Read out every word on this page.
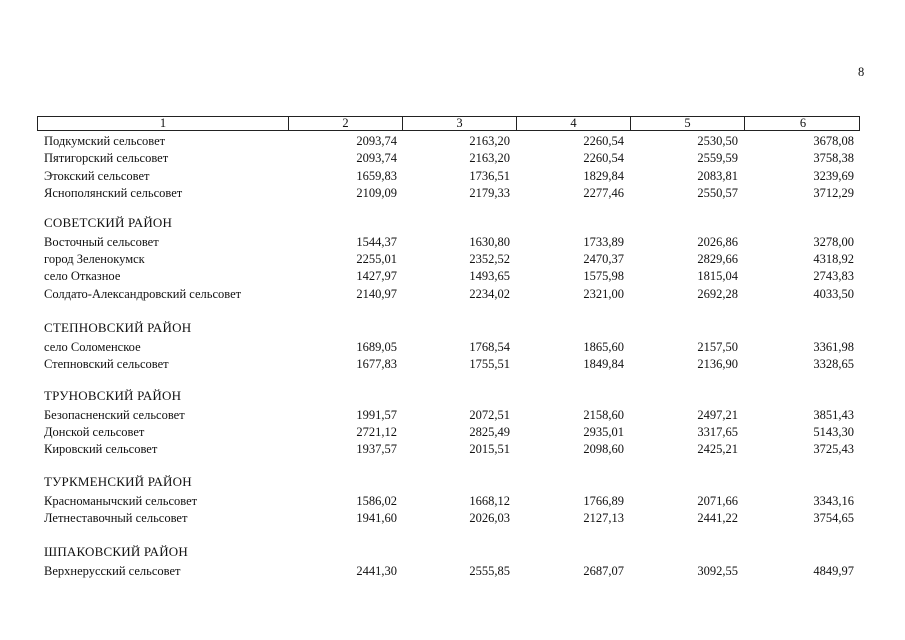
8
1	2	3	4	5	6
Подкумский сельсовет	2093,74	2163,20	2260,54	2530,50	3678,08
Пятигорский сельсовет	2093,74	2163,20	2260,54	2559,59	3758,38
Этокский сельсовет	1659,83	1736,51	1829,84	2083,81	3239,69
Яснополянский сельсовет	2109,09	2179,33	2277,46	2550,57	3712,29
СОВЕТСКИЙ РАЙОН
Восточный сельсовет	1544,37	1630,80	1733,89	2026,86	3278,00
город Зеленокумск	2255,01	2352,52	2470,37	2829,66	4318,92
село Отказное	1427,97	1493,65	1575,98	1815,04	2743,83
Солдато-Александровский сельсовет	2140,97	2234,02	2321,00	2692,28	4033,50
СТЕПНОВСКИЙ РАЙОН
село Соломенское	1689,05	1768,54	1865,60	2157,50	3361,98
Степновский сельсовет	1677,83	1755,51	1849,84	2136,90	3328,65
ТРУНОВСКИЙ РАЙОН
Безопасненский сельсовет	1991,57	2072,51	2158,60	2497,21	3851,43
Донской сельсовет	2721,12	2825,49	2935,01	3317,65	5143,30
Кировский сельсовет	1937,57	2015,51	2098,60	2425,21	3725,43
ТУРКМЕНСКИЙ РАЙОН
Красноманычский сельсовет	1586,02	1668,12	1766,89	2071,66	3343,16
Летнеставочный сельсовет	1941,60	2026,03	2127,13	2441,22	3754,65
ШПАКОВСКИЙ РАЙОН
Верхнерусский сельсовет	2441,30	2555,85	2687,07	3092,55	4849,97
